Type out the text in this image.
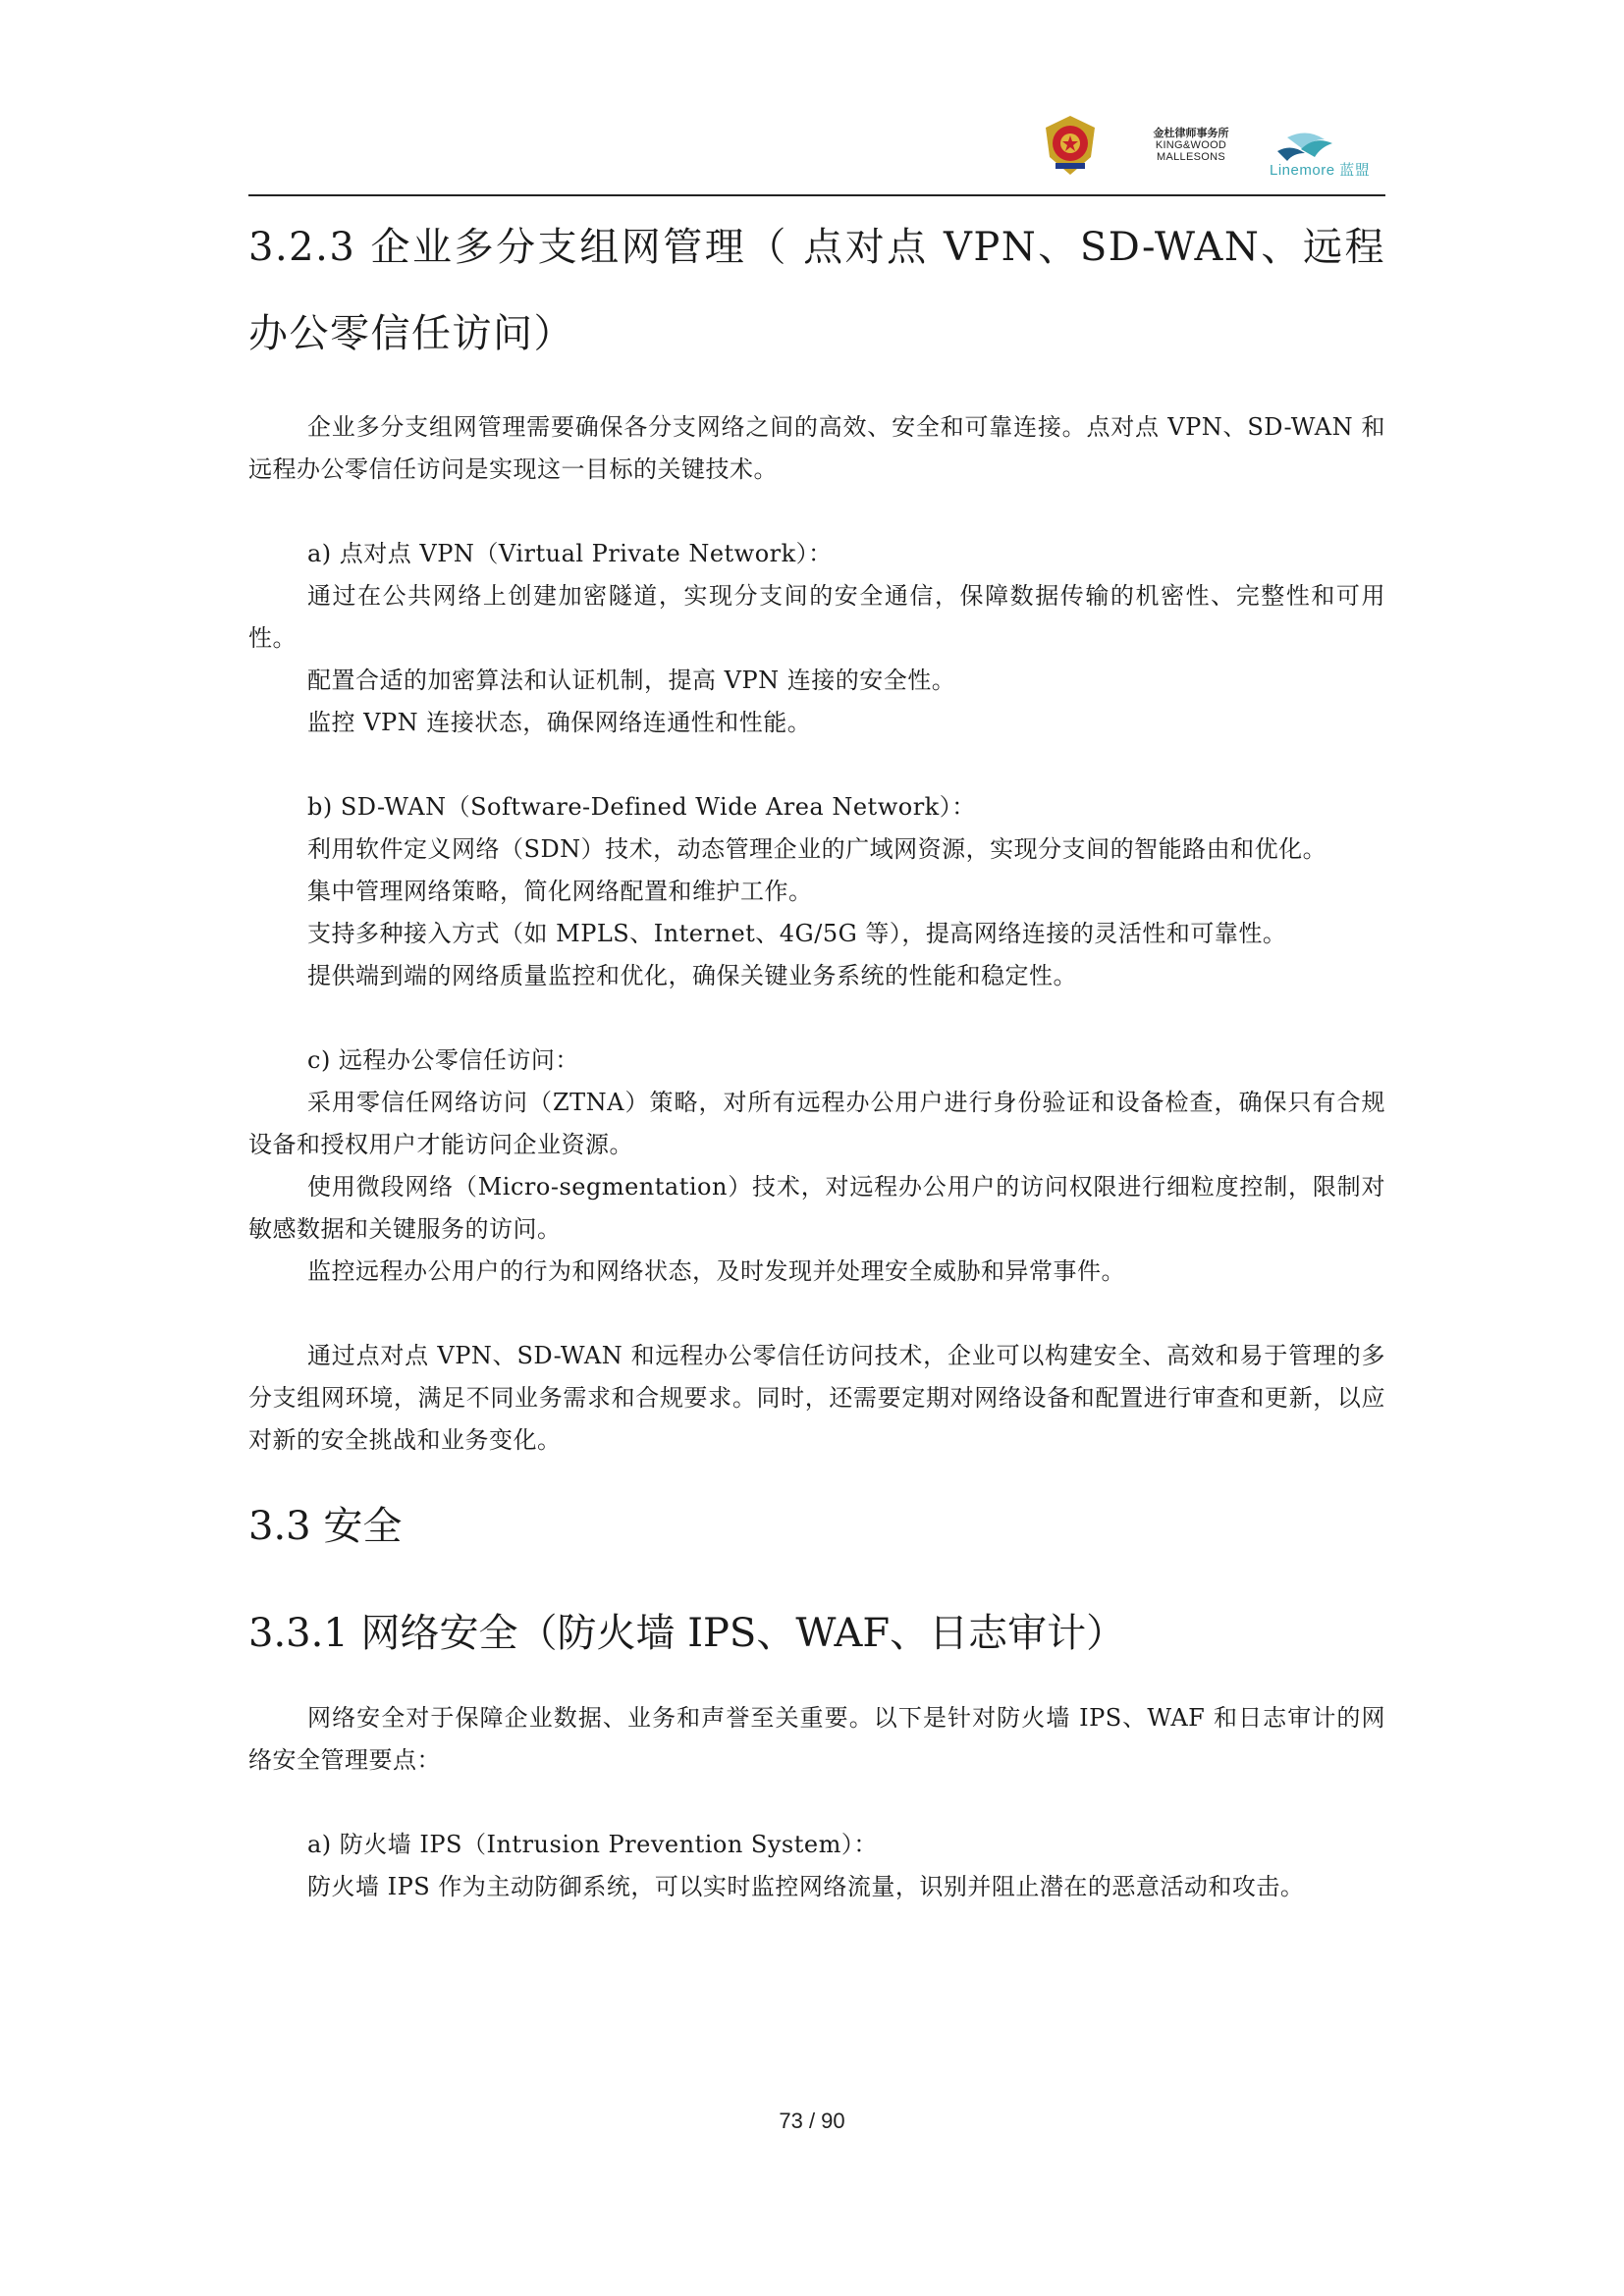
金杜律师事务所
KING&WOOD
MALLESONS
Linemore 蓝盟
3.2.3 企业多分支组网管理（ 点对点 VPN、SD-WAN、远程办公零信任访问）

企业多分支组网管理需要确保各分支网络之间的高效、安全和可靠连接。点对点 VPN、SD-WAN 和远程办公零信任访问是实现这一目标的关键技术。

a) 点对点 VPN（Virtual Private Network）：

通过在公共网络上创建加密隧道，实现分支间的安全通信，保障数据传输的机密性、完整性和可用性。

配置合适的加密算法和认证机制，提高 VPN 连接的安全性。

监控 VPN 连接状态，确保网络连通性和性能。

b) SD-WAN（Software-Defined Wide Area Network）：

利用软件定义网络（SDN）技术，动态管理企业的广域网资源，实现分支间的智能路由和优化。

集中管理网络策略，简化网络配置和维护工作。

支持多种接入方式（如 MPLS、Internet、4G/5G 等），提高网络连接的灵活性和可靠性。

提供端到端的网络质量监控和优化，确保关键业务系统的性能和稳定性。

c) 远程办公零信任访问：

采用零信任网络访问（ZTNA）策略，对所有远程办公用户进行身份验证和设备检查，确保只有合规设备和授权用户才能访问企业资源。

使用微段网络（Micro-segmentation）技术，对远程办公用户的访问权限进行细粒度控制，限制对敏感数据和关键服务的访问。

监控远程办公用户的行为和网络状态，及时发现并处理安全威胁和异常事件。

通过点对点 VPN、SD-WAN 和远程办公零信任访问技术，企业可以构建安全、高效和易于管理的多分支组网环境，满足不同业务需求和合规要求。同时，还需要定期对网络设备和配置进行审查和更新，以应对新的安全挑战和业务变化。

3.3 安全
3.3.1 网络安全（防火墙 IPS、WAF、日志审计）

网络安全对于保障企业数据、业务和声誉至关重要。以下是针对防火墙 IPS、WAF 和日志审计的网络安全管理要点：

a) 防火墙 IPS（Intrusion Prevention System）：

防火墙 IPS 作为主动防御系统，可以实时监控网络流量，识别并阻止潜在的恶意活动和攻击。

73 / 90
